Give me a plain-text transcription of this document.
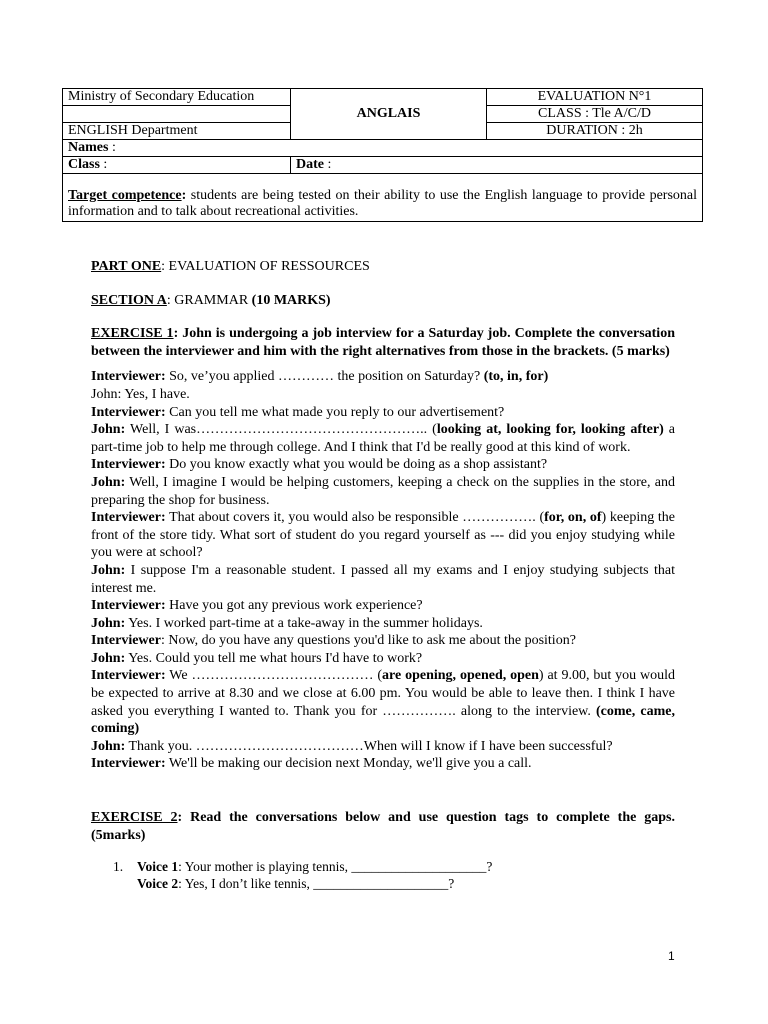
Ministry of Secondary Education	ANGLAIS	EVALUATION N°1
		CLASS : Tle A/C/D
ENGLISH Department		DURATION : 2h
Names :		
Class :	Date :	
Target competence: students are being tested on their ability to use the English language to provide personal information and to talk about recreational activities.		

PART ONE: EVALUATION OF RESSOURCES

SECTION A: GRAMMAR (10 MARKS)

EXERCISE 1: John is undergoing a job interview for a Saturday job. Complete the conversation between the interviewer and him with the right alternatives from those in the brackets. (5 marks)

Interviewer: So, ve’you applied ………… the position on Saturday? (to, in, for)

John: Yes, I have.

Interviewer: Can you tell me what made you reply to our advertisement?

John: Well, I was………………………………………….. (looking at, looking for, looking after) a part-time job to help me through college. And I think that I'd be really good at this kind of work.

Interviewer: Do you know exactly what you would be doing as a shop assistant?

John: Well, I imagine I would be helping customers, keeping a check on the supplies in the store, and preparing the shop for business.

Interviewer: That about covers it, you would also be responsible ……………. (for, on, of) keeping the front of the store tidy. What sort of student do you regard yourself as --- did you enjoy studying while you were at school?

John: I suppose I'm a reasonable student. I passed all my exams and I enjoy studying subjects that interest me.

Interviewer: Have you got any previous work experience?

John: Yes. I worked part-time at a take-away in the summer holidays.

Interviewer: Now, do you have any questions you'd like to ask me about the position?

John: Yes. Could you tell me what hours I'd have to work?

Interviewer: We ………………………………… (are opening, opened, open) at 9.00, but you would be expected to arrive at 8.30 and we close at 6.00 pm. You would be able to leave then. I think I have asked you everything I wanted to. Thank you for ……………. along to the interview. (come, came, coming)

John: Thank you. ………………………………When will I know if I have been successful?

Interviewer: We'll be making our decision next Monday, we'll give you a call.

EXERCISE 2: Read the conversations below and use question tags to complete the gaps. (5marks)

1.	Voice 1: Your mother is playing tennis, ____________________?
Voice 2: Yes, I don’t like tennis, ____________________?
1
